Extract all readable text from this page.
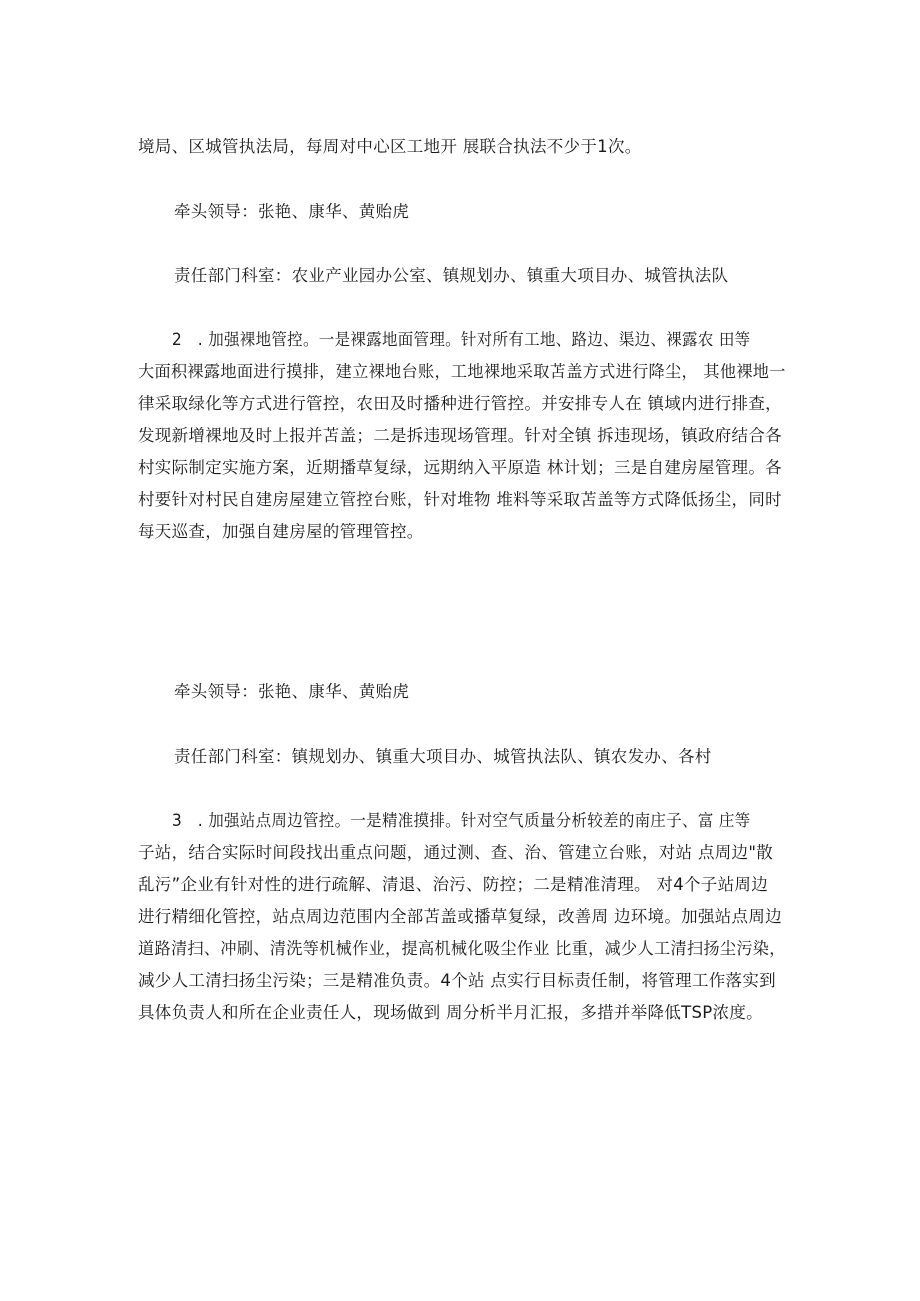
境局、区城管执法局，每周对中心区工地开 展联合执法不少于1次。

牵头领导：张艳、康华、黄贻虎

责任部门科室：农业产业园办公室、镇规划办、镇重大项目办、城管执法队

2　. 加强裸地管控。一是裸露地面管理。针对所有工地、路边、渠边、裸露农 田等
大面积裸露地面进行摸排，建立裸地台账，工地裸地采取苫盖方式进行降尘， 其他裸地一
律采取绿化等方式进行管控，农田及时播种进行管控。并安排专人在 镇域内进行排查，
发现新增裸地及时上报并苫盖；二是拆违现场管理。针对全镇 拆违现场，镇政府结合各
村实际制定实施方案，近期播草复绿，远期纳入平原造 林计划；三是自建房屋管理。各
村要针对村民自建房屋建立管控台账，针对堆物 堆料等采取苫盖等方式降低扬尘，同时
每天巡查，加强自建房屋的管理管控。

牵头领导：张艳、康华、黄贻虎

责任部门科室：镇规划办、镇重大项目办、城管执法队、镇农发办、各村

3　. 加强站点周边管控。一是精准摸排。针对空气质量分析较差的南庄子、富 庄等
子站，结合实际时间段找出重点问题，通过测、查、治、管建立台账，对站 点周边"散
乱污”企业有针对性的进行疏解、清退、治污、防控；二是精准清理。 对4个子站周边
进行精细化管控，站点周边范围内全部苫盖或播草复绿，改善周 边环境。加强站点周边
道路清扫、冲刷、清洗等机械作业，提高机械化吸尘作业 比重，减少人工清扫扬尘污染，
减少人工清扫扬尘污染；三是精准负责。4个站 点实行目标责任制，将管理工作落实到
具体负责人和所在企业责任人，现场做到 周分析半月汇报，多措并举降低TSP浓度。
